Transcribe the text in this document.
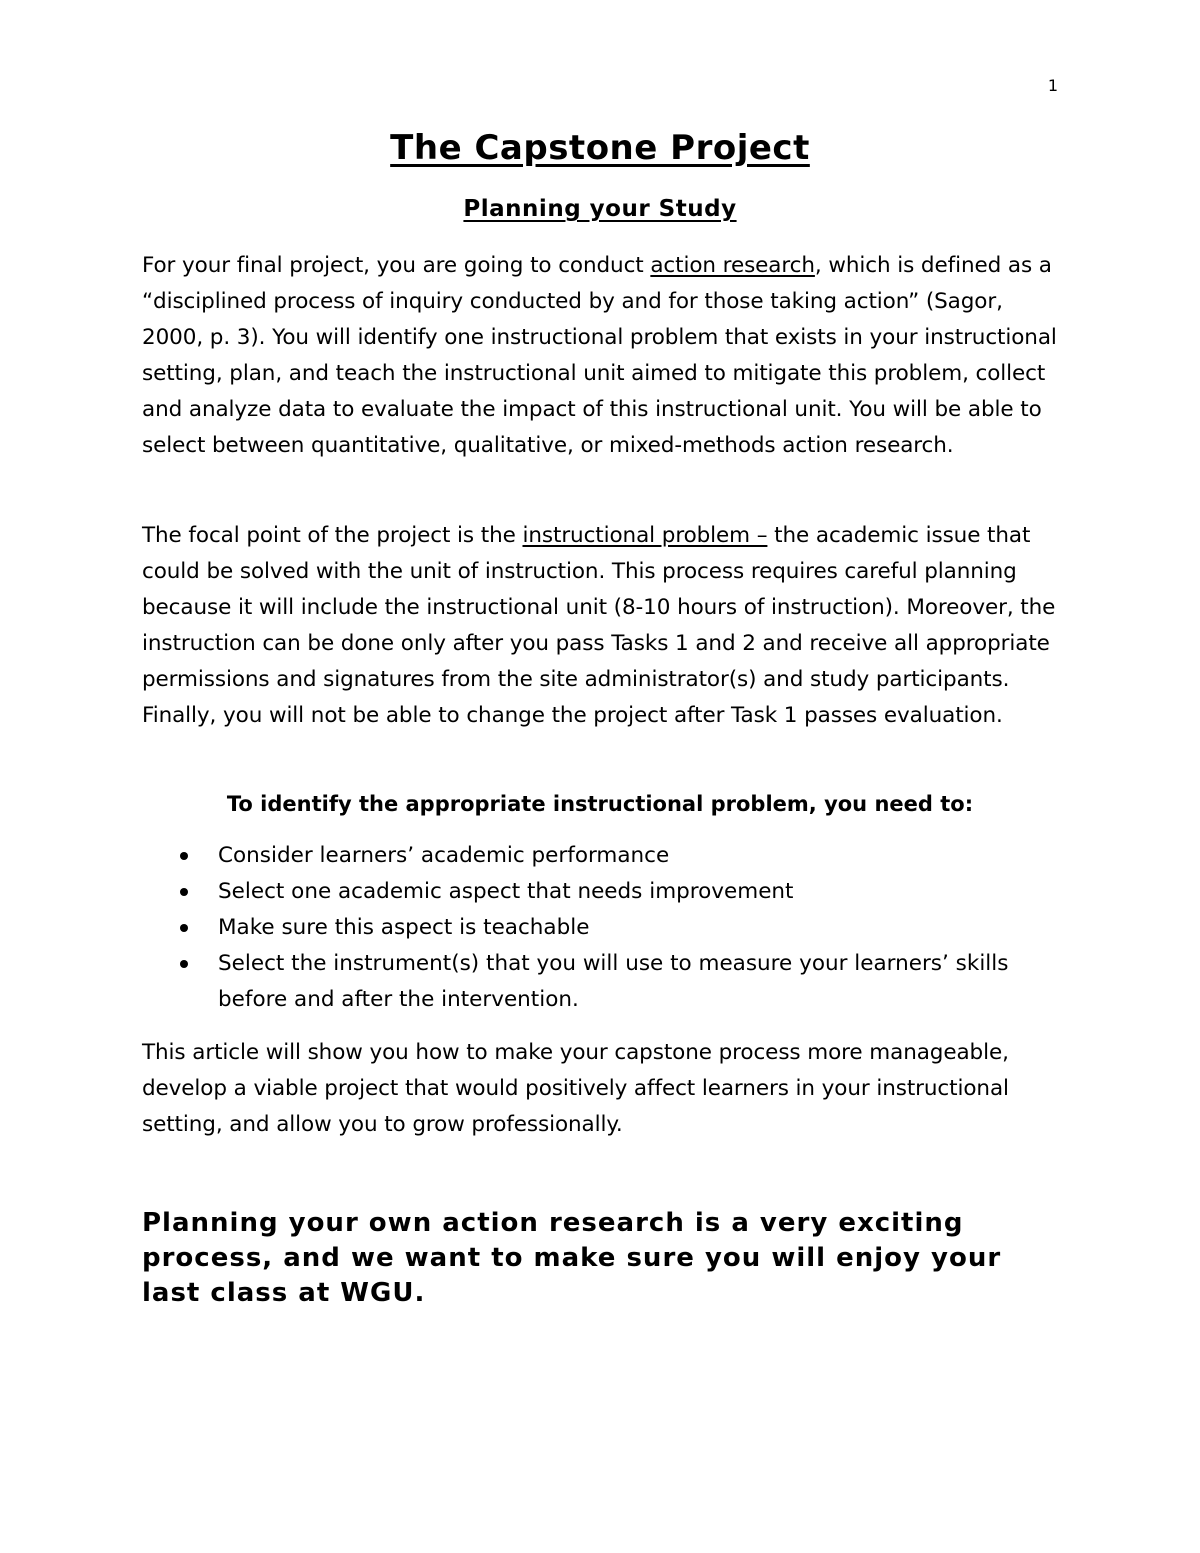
1
The Capstone Project
Planning your Study

For your final project, you are going to conduct action research, which is defined as a “disciplined process of inquiry conducted by and for those taking action” (Sagor, 2000, p. 3). You will identify one instructional problem that exists in your instructional setting, plan, and teach the instructional unit aimed to mitigate this problem, collect and analyze data to evaluate the impact of this instructional unit. You will be able to select between quantitative, qualitative, or mixed-methods action research.

The focal point of the project is the instructional problem – the academic issue that could be solved with the unit of instruction. This process requires careful planning because it will include the instructional unit (8-10 hours of instruction). Moreover, the instruction can be done only after you pass Tasks 1 and 2 and receive all appropriate permissions and signatures from the site administrator(s) and study participants. Finally, you will not be able to change the project after Task 1 passes evaluation.

To identify the appropriate instructional problem, you need to:
Consider learners’ academic performance
Select one academic aspect that needs improvement
Make sure this aspect is teachable
Select the instrument(s) that you will use to measure your learners’ skills before and after the intervention.

This article will show you how to make your capstone process more manageable, develop a viable project that would positively affect learners in your instructional setting, and allow you to grow professionally.

Planning your own action research is a very exciting process, and we want to make sure you will enjoy your last class at WGU.
